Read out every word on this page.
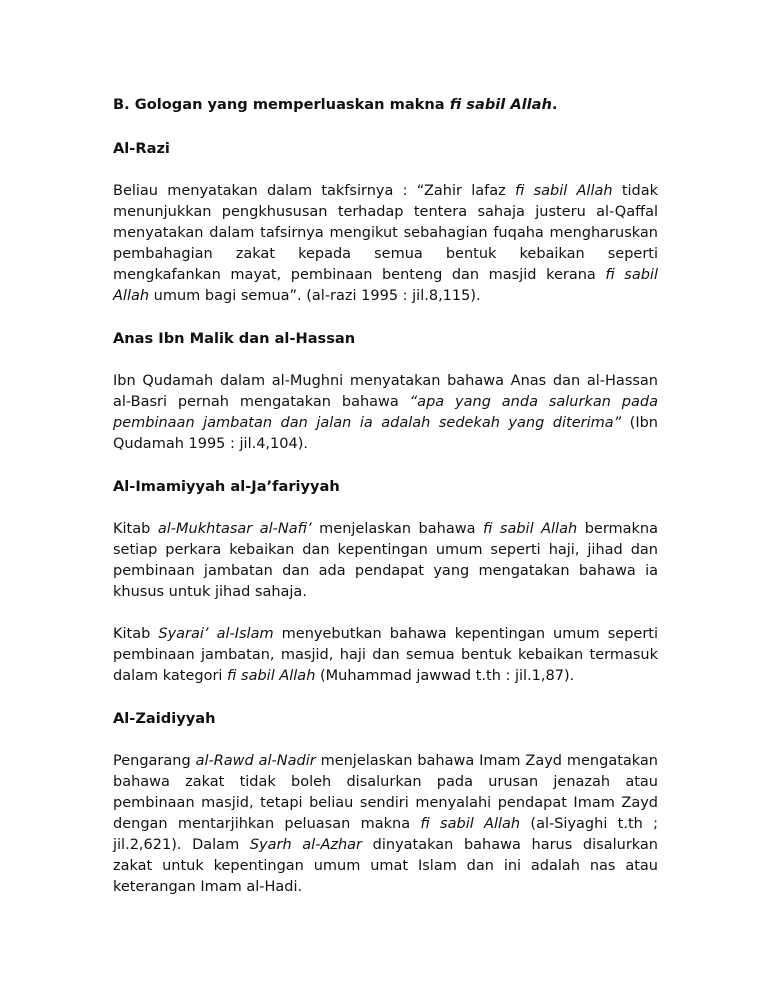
B. Gologan yang memperluaskan makna fi sabil Allah.
Al-Razi

Beliau menyatakan dalam takfsirnya : “Zahir lafaz fi sabil Allah tidak menunjukkan pengkhususan terhadap tentera sahaja justeru al-Qaffal menyatakan dalam tafsirnya mengikut sebahagian fuqaha mengharuskan pembahagian zakat kepada semua bentuk kebaikan seperti mengkafankan mayat, pembinaan benteng dan masjid kerana fi sabil Allah umum bagi semua”. (al-razi 1995 : jil.8,115).

Anas Ibn Malik dan al-Hassan

Ibn Qudamah dalam al-Mughni menyatakan bahawa Anas dan al-Hassan al-Basri pernah mengatakan bahawa “apa yang anda salurkan pada pembinaan jambatan dan jalan ia adalah sedekah yang diterima” (Ibn Qudamah 1995 : jil.4,104).

Al-Imamiyyah al-Ja’fariyyah

Kitab al-Mukhtasar al-Nafi’ menjelaskan bahawa fi sabil Allah bermakna setiap perkara kebaikan dan kepentingan umum seperti haji, jihad dan pembinaan jambatan dan ada pendapat yang mengatakan bahawa ia khusus untuk jihad sahaja.

Kitab Syarai’ al-Islam menyebutkan bahawa kepentingan umum seperti pembinaan jambatan, masjid, haji dan semua bentuk kebaikan termasuk dalam kategori fi sabil Allah (Muhammad jawwad t.th : jil.1,87).

Al-Zaidiyyah

Pengarang al-Rawd al-Nadir menjelaskan bahawa Imam Zayd mengatakan bahawa zakat tidak boleh disalurkan pada urusan jenazah atau pembinaan masjid, tetapi beliau sendiri menyalahi pendapat Imam Zayd dengan mentarjihkan peluasan makna fi sabil Allah (al-Siyaghi t.th ; jil.2,621). Dalam Syarh al-Azhar dinyatakan bahawa harus disalurkan zakat untuk kepentingan umum umat Islam dan ini adalah nas atau keterangan Imam al-Hadi.
